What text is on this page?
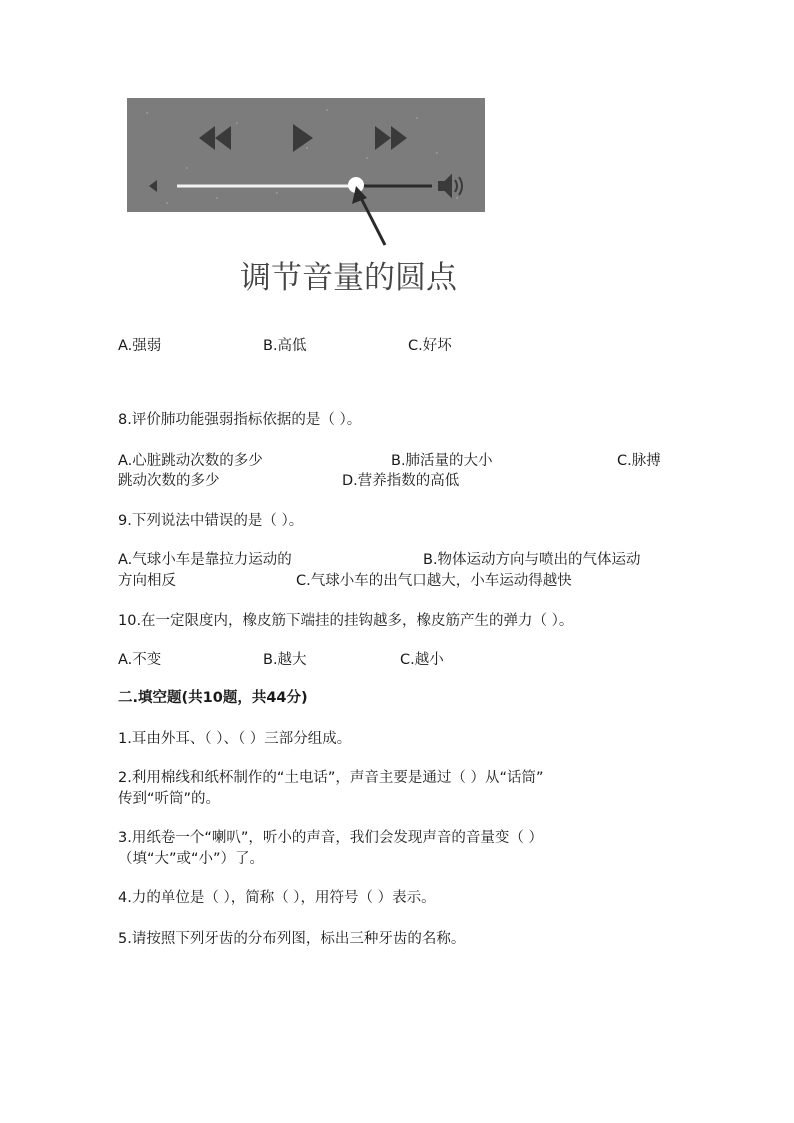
调节音量的圆点
A.强弱	B.高低	C.好坏
8.评价肺功能强弱指标依据的是（ ）。
A.心脏跳动次数的多少	B.肺活量的大小	C.脉搏
跳动次数的多少	D.营养指数的高低
9.下列说法中错误的是（ ）。
A.气球小车是靠拉力运动的	B.物体运动方向与喷出的气体运动
方向相反	C.气球小车的出气口越大，小车运动得越快
10.在一定限度内，橡皮筋下端挂的挂钩越多，橡皮筋产生的弹力（ ）。
A.不变	B.越大	C.越小
二.填空题(共10题，共44分)
1.耳由外耳、（ ）、（ ）三部分组成。
2.利用棉线和纸杯制作的“土电话”，声音主要是通过（ ）从“话筒”
传到“听筒”的。
3.用纸卷一个“喇叭”，听小的声音，我们会发现声音的音量变（ ）
（填“大”或“小”）了。
4.力的单位是（ ），简称（ ），用符号（ ）表示。
5.请按照下列牙齿的分布列图，标出三种牙齿的名称。
